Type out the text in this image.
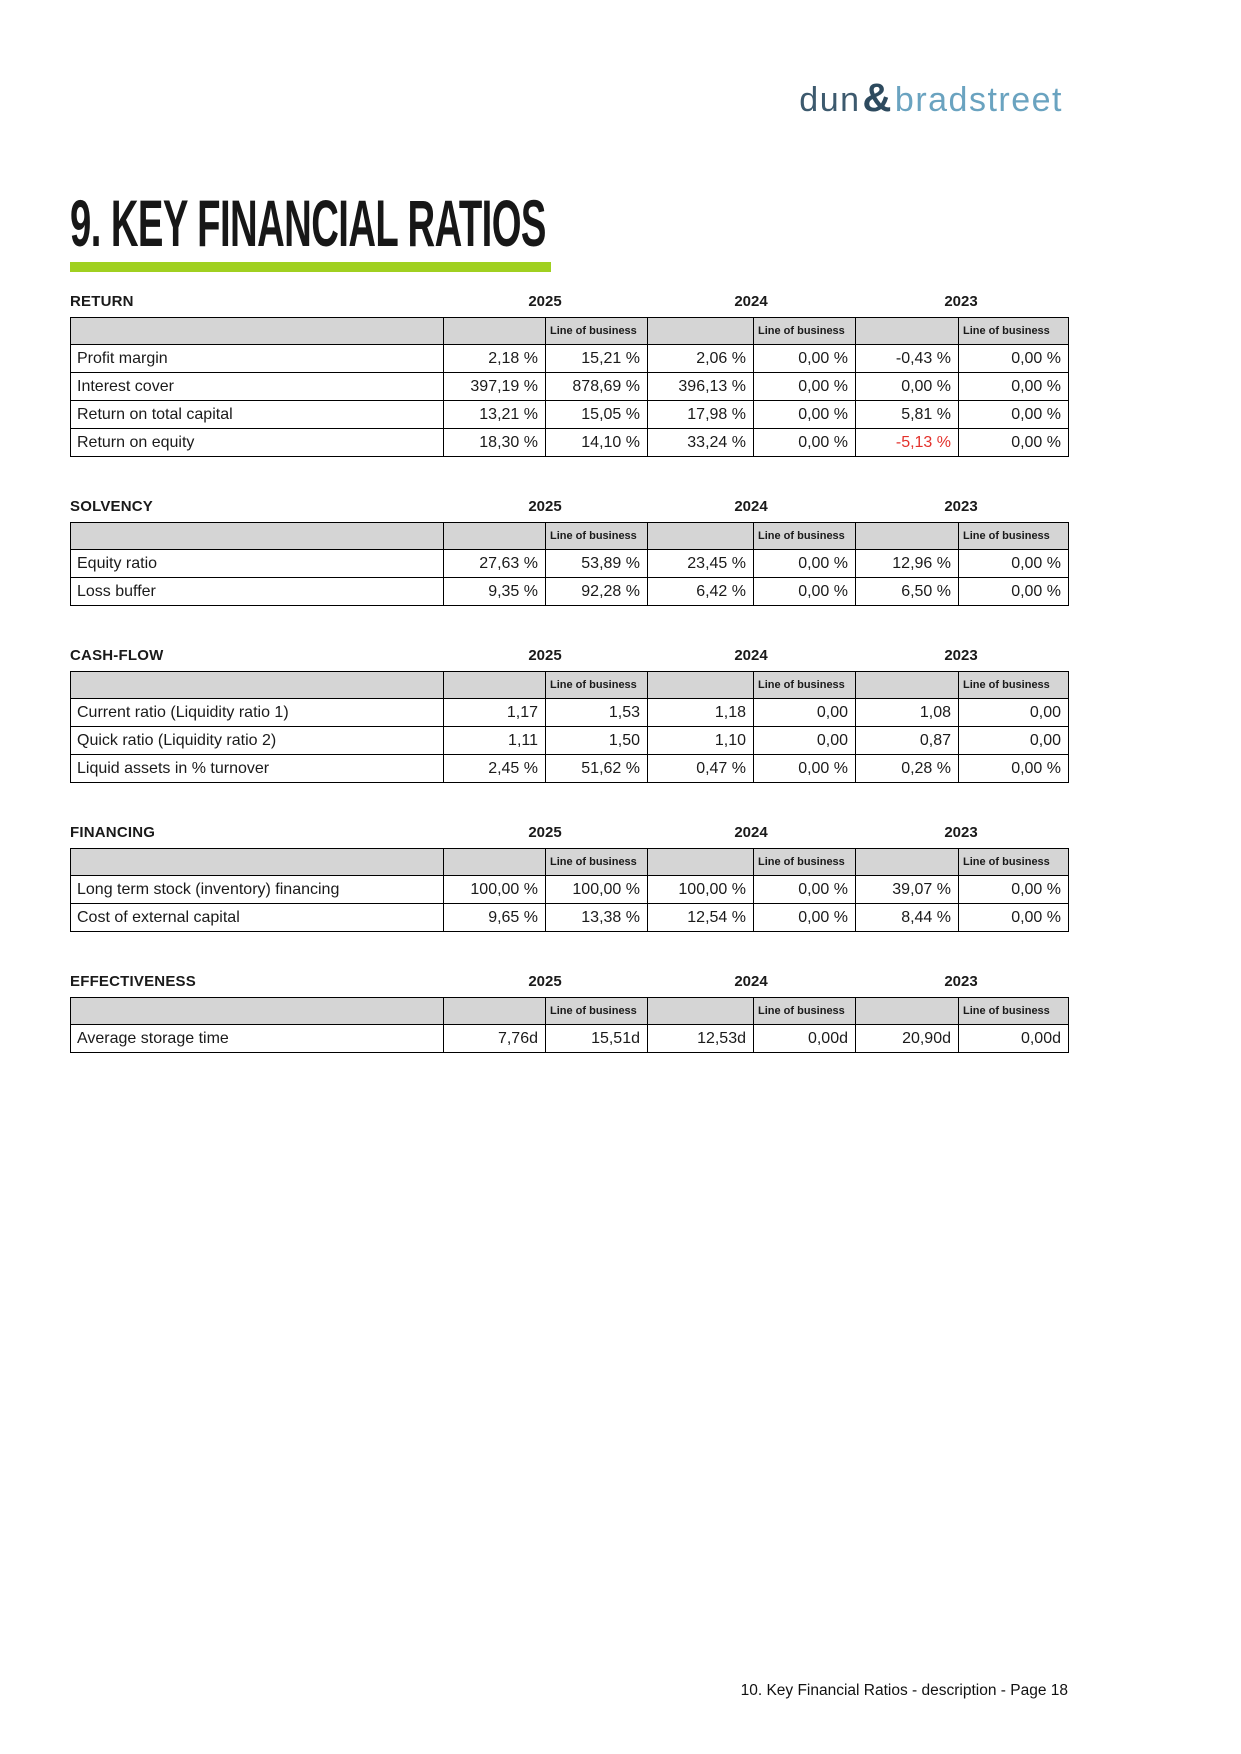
dun&bradstreet
9. KEY FINANCIAL RATIOS
RETURN	2025	2024	2023
		Line of business		Line of business		Line of business
Profit margin	2,18 %	15,21 %	2,06 %	0,00 %	-0,43 %	0,00 %
Interest cover	397,19 %	878,69 %	396,13 %	0,00 %	0,00 %	0,00 %
Return on total capital	13,21 %	15,05 %	17,98 %	0,00 %	5,81 %	0,00 %
Return on equity	18,30 %	14,10 %	33,24 %	0,00 %	-5,13 %	0,00 %
SOLVENCY	2025	2024	2023
		Line of business		Line of business		Line of business
Equity ratio	27,63 %	53,89 %	23,45 %	0,00 %	12,96 %	0,00 %
Loss buffer	9,35 %	92,28 %	6,42 %	0,00 %	6,50 %	0,00 %
CASH-FLOW	2025	2024	2023
		Line of business		Line of business		Line of business
Current ratio (Liquidity ratio 1)	1,17	1,53	1,18	0,00	1,08	0,00
Quick ratio (Liquidity ratio 2)	1,11	1,50	1,10	0,00	0,87	0,00
Liquid assets in % turnover	2,45 %	51,62 %	0,47 %	0,00 %	0,28 %	0,00 %
FINANCING	2025	2024	2023
		Line of business		Line of business		Line of business
Long term stock (inventory) financing	100,00 %	100,00 %	100,00 %	0,00 %	39,07 %	0,00 %
Cost of external capital	9,65 %	13,38 %	12,54 %	0,00 %	8,44 %	0,00 %
EFFECTIVENESS	2025	2024	2023
		Line of business		Line of business		Line of business
Average storage time	7,76d	15,51d	12,53d	0,00d	20,90d	0,00d
10. Key Financial Ratios - description - Page 18
